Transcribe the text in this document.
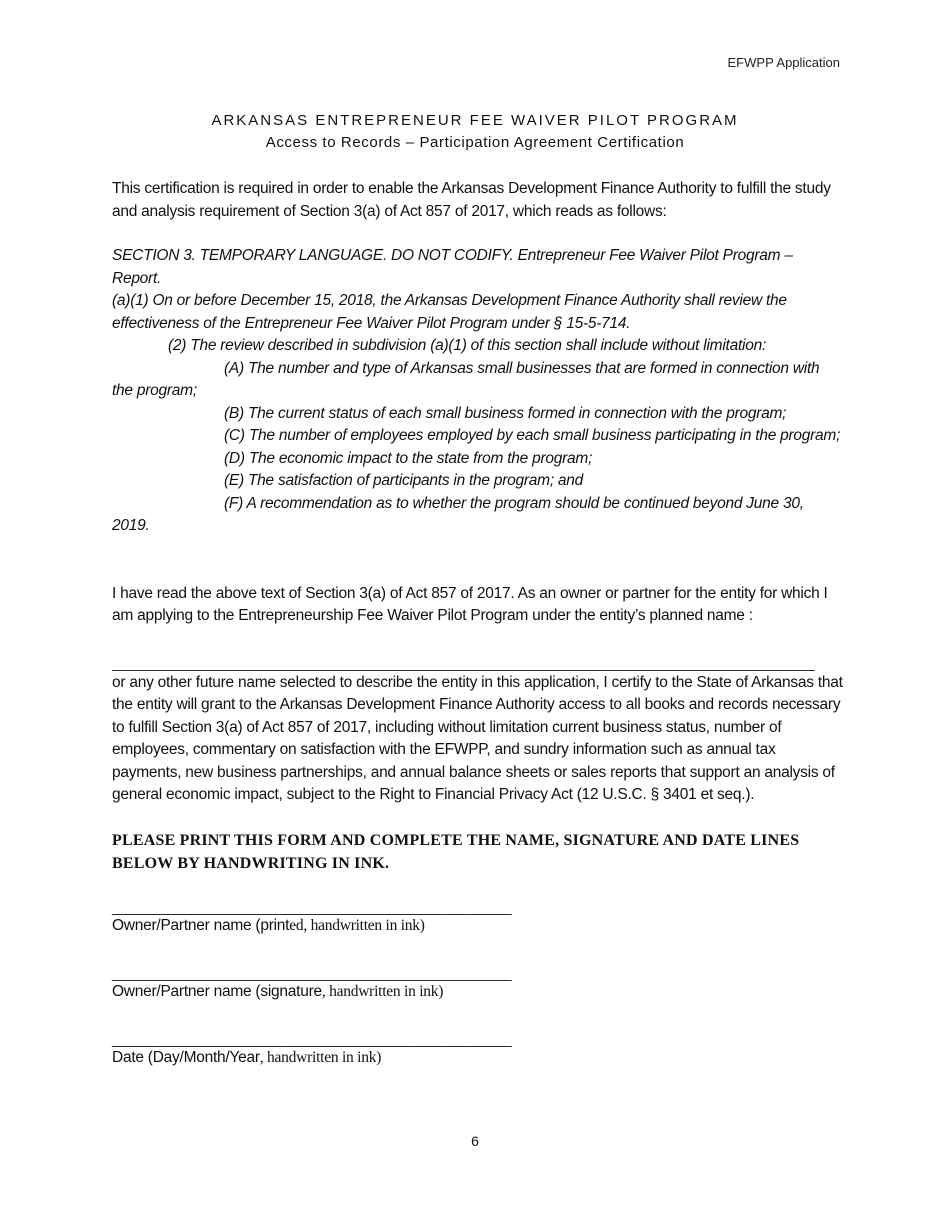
EFWPP Application

ARKANSAS ENTREPRENEUR FEE WAIVER PILOT PROGRAM

Access to Records – Participation Agreement Certification

This certification is required in order to enable the Arkansas Development Finance Authority to fulfill the study and analysis requirement of Section 3(a) of Act 857 of 2017, which reads as follows:

SECTION 3. TEMPORARY LANGUAGE. DO NOT CODIFY. Entrepreneur Fee Waiver Pilot Program – Report.

(a)(1) On or before December 15, 2018, the Arkansas Development Finance Authority shall review the effectiveness of the Entrepreneur Fee Waiver Pilot Program under § 15-5-714.

(2) The review described in subdivision (a)(1) of this section shall include without limitation:

(A) The number and type of Arkansas small businesses that are formed in connection with the program;

(B) The current status of each small business formed in connection with the program;

(C) The number of employees employed by each small business participating in the program;

(D) The economic impact to the state from the program;

(E) The satisfaction of participants in the program; and

(F) A recommendation as to whether the program should be continued beyond June 30, 2019.

I have read the above text of Section 3(a) of Act 857 of 2017. As an owner or partner for the entity for which I am applying to the Entrepreneurship Fee Waiver Pilot Program under the entity’s planned name :

________________________________________________________________________________________

or any other future name selected to describe the entity in this application, I certify to the State of Arkansas that the entity will grant to the Arkansas Development Finance Authority access to all books and records necessary to fulfill Section 3(a) of Act 857 of 2017, including without limitation current business status, number of employees, commentary on satisfaction with the EFWPP, and sundry information such as annual tax payments, new business partnerships, and annual balance sheets or sales reports that support an analysis of general economic impact, subject to the Right to Financial Privacy Act (12 U.S.C. § 3401 et seq.).

PLEASE PRINT THIS FORM AND COMPLETE THE NAME, SIGNATURE AND DATE LINES BELOW BY HANDWRITING IN INK.

_____________________________________________________

Owner/Partner name (printed, handwritten in ink)

_____________________________________________________

Owner/Partner name (signature, handwritten in ink)

_____________________________________________________

Date (Day/Month/Year, handwritten in ink)

6
